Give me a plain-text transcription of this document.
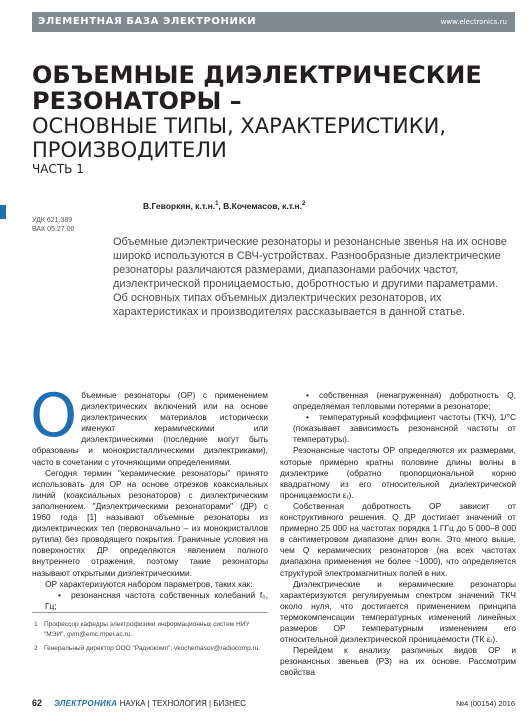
ЭЛЕМЕНТНАЯ БАЗА ЭЛЕКТРОНИКИ	www.electronics.ru
ОБЪЕМНЫЕ ДИЭЛЕКТРИЧЕСКИЕ
РЕЗОНАТОРЫ –
ОСНОВНЫЕ ТИПЫ, ХАРАКТЕРИСТИКИ,
ПРОИЗВОДИТЕЛИ
ЧАСТЬ 1
УДК 621.389
ВАК 05.27.00
В.Геворкян, к.т.н.$^1$, В.Кочемасов, к.т.н.$^2$
Объемные диэлектрические резонаторы и резонансные звенья на их основе широко используются в СВЧ-устройствах. Разнообразные диэлектрические резонаторы различаются размерами, диапазонами рабочих частот, диэлектрической проницаемостью, добротностью и другими параметрами. Об основных типах объемных диэлектрических резонаторов, их характеристиках и производителях рассказывается в данной статье.

Объемные резонаторы (ОР) с применением диэлектрических включений или на основе диэлектрических материалов исторически именуют керамическими или диэлектрическими (последние могут быть образованы и монокристаллическими диэлектриками), часто в сочетании с уточняющими определениями.

Сегодня термин "керамические резонаторы" принято использовать для ОР на основе отрезков коаксиальных линий (коаксиальных резонаторов) с диэлектрическим заполнением. "Диэлектрическими резонаторами" (ДР) с 1960 года [1] называют объемные резонаторы из диэлектрических тел (первоначально – из монокристаллов рутила) без проводящего покрытия. Граничные условия на поверхностях ДР определяются явлением полного внутреннего отражения, поэтому такие резонаторы называют открытыми диэлектрическими.

ОР характеризуются набором параметров, таких как:

• резонансная частота собственных колебаний f₀, Гц;

• собственная (ненагруженная) добротность Q, определяемая тепловыми потерями в резонаторе;

• температурный коэффициент частоты (ТКЧ), 1/°С (показывает зависимость резонансной частоты от температуры).

Резонансные частоты ОР определяются их размерами, которые примерно кратны половине длины волны в диэлектрике (обратно пропорциональной корню квадратному из его относительной диэлектрической проницаемости εᵣ).

Собственная добротность ОР зависит от конструктивного решения. Q ДР достигает значений от примерно 25 000 на частотах порядка 1 ГГц до 5 000–8 000 в сантиметровом диапазоне длин волн. Это много выше, чем Q керамических резонаторов (на всех частотах диапазона применения не более ~1000), что определяется структурой электромагнитных полей в них.

Диэлектрические и керамические резонаторы характеризуются регулируемым спектром значений ТКЧ около нуля, что достигается применением принципа термокомпенсации температурных изменений линейных размеров ОР температурным изменением его относительной диэлектрической проницаемости (ТК εᵣ).

Перейдем к анализу различных видов ОР и резонансных звеньев (РЗ) на их основе. Рассмотрим свойства

1 Профессор кафедры электрофизики информационных систем НИУ "МЭИ", gvm@emc.mpei.ac.ru.
2 Генеральный директор ООО "Радиокомп", vkochemasov@radiocomp.ru.
62 ЭЛЕКТРОНИКА НАУКА | ТЕХНОЛОГИЯ | БИЗНЕС	№4 (00154) 2016
